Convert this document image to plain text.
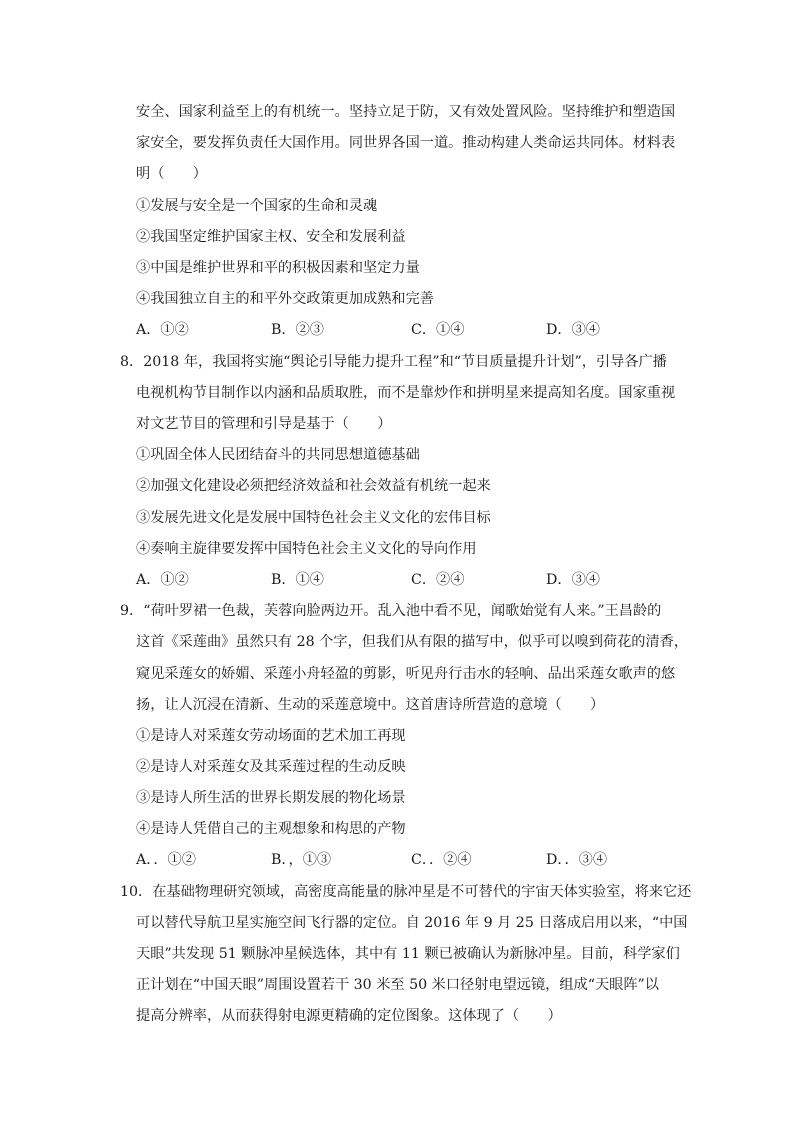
安全、国家利益至上的有机统一。坚持立足于防，又有效处置风险。坚持维护和塑造国
家安全，要发挥负责任大国作用。同世界各国一道。推动构建人类命运共同体。材料表
明（　　）
①发展与安全是一个国家的生命和灵魂
②我国坚定维护国家主权、安全和发展利益
③中国是维护世界和平的积极因素和坚定力量
④我国独立自主的和平外交政策更加成熟和完善
A．①②	B．②③	C．①④	D．③④
8．2018 年，我国将实施“舆论引导能力提升工程”和“节目质量提升计划”，引导各广播
电视机构节目制作以内涵和品质取胜，而不是靠炒作和拼明星来提高知名度。国家重视
对文艺节目的管理和引导是基于（　　）
①巩固全体人民团结奋斗的共同思想道德基础
②加强文化建设必须把经济效益和社会效益有机统一起来
③发展先进文化是发展中国特色社会主义文化的宏伟目标
④奏响主旋律要发挥中国特色社会主义文化的导向作用
A．①②	B．①④	C．②④	D．③④
9．“荷叶罗裙一色裁，芙蓉向脸两边开。乱入池中看不见，闻歌始觉有人来。”王昌龄的
这首《采莲曲》虽然只有 28 个字，但我们从有限的描写中，似乎可以嗅到荷花的清香，
窥见采莲女的娇媚、采莲小舟轻盈的剪影，听见舟行击水的轻响、品出采莲女歌声的悠
扬，让人沉浸在清新、生动的采莲意境中。这首唐诗所营造的意境（　　）
①是诗人对采莲女劳动场面的艺术加工再现
②是诗人对采莲女及其采莲过程的生动反映
③是诗人所生活的世界长期发展的物化场景
④是诗人凭借自己的主观想象和构思的产物
A．．①②	B．，①③	C．．②④	D．．③④
10．在基础物理研究领域，高密度高能量的脉冲星是不可替代的宇宙天体实验室，将来它还
可以替代导航卫星实施空间飞行器的定位。自 2016 年 9 月 25 日落成启用以来，“中国
天眼”共发现 51 颗脉冲星候选体，其中有 11 颗已被确认为新脉冲星。目前，科学家们
正计划在“中国天眼”周围设置若干 30 米至 50 米口径射电望远镜，组成“天眼阵”以
提高分辨率，从而获得射电源更精确的定位图象。这体现了（　　）
